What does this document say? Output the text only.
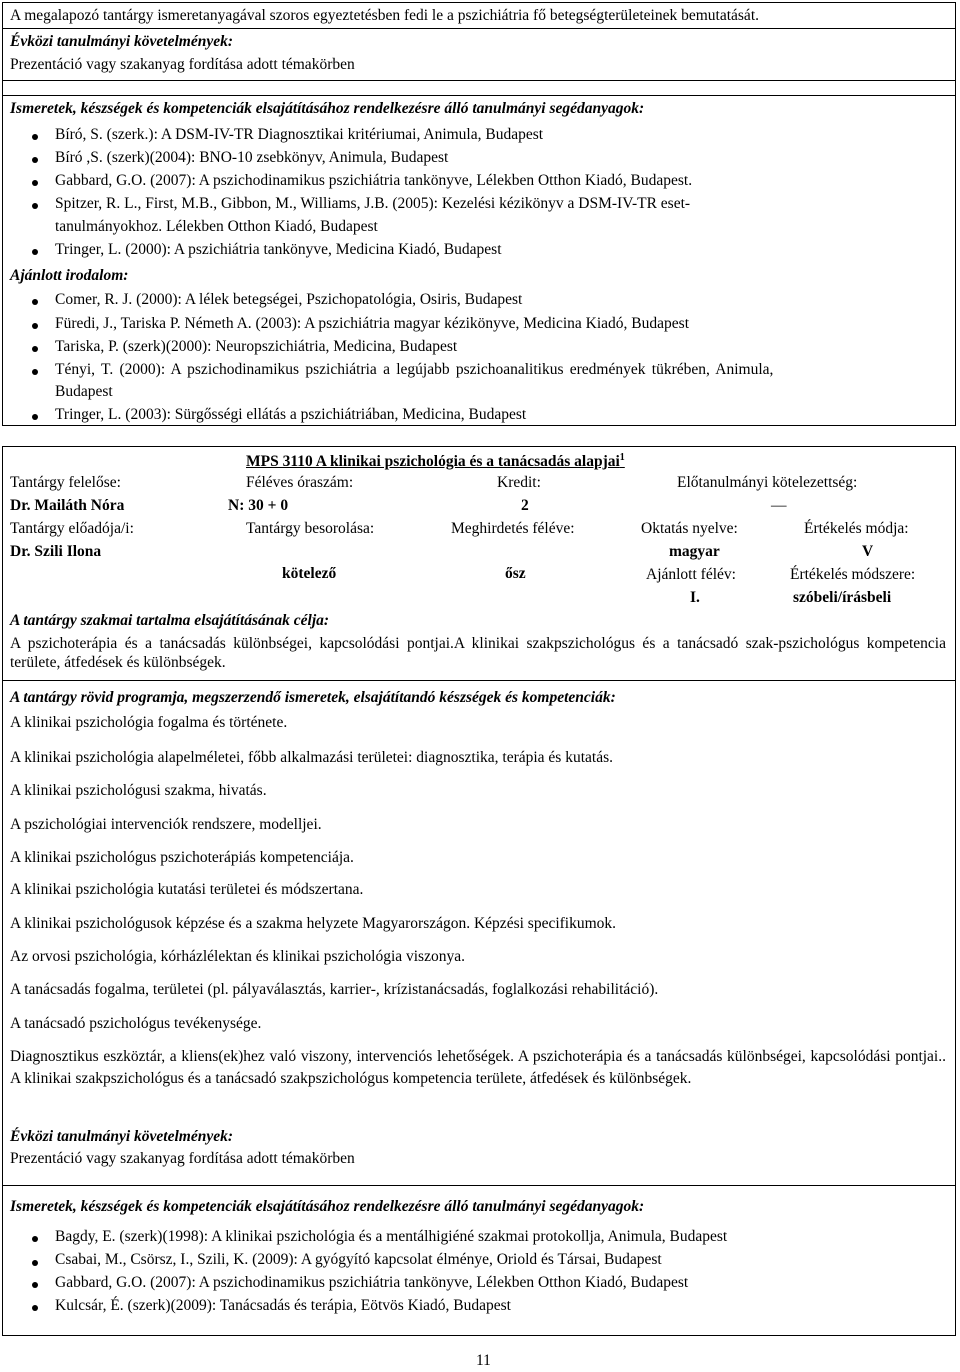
A megalapozó tantárgy ismeretanyagával szoros egyeztetésben fedi le a pszichiátria fő betegségterületeinek bemutatását.
Évközi tanulmányi követelmények:
Prezentáció vagy szakanyag fordítása adott témakörben
Ismeretek, készségek és kompetenciák elsajátításához rendelkezésre álló tanulmányi segédanyagok:
Bíró, S. (szerk.): A DSM-IV-TR Diagnosztikai kritériumai, Animula, Budapest
Bíró ,S. (szerk)(2004): BNO-10 zsebkönyv, Animula, Budapest
Gabbard, G.O. (2007): A pszichodinamikus pszichiátria tankönyve, Lélekben Otthon Kiadó, Budapest.
Spitzer, R. L., First, M.B., Gibbon, M., Williams, J.B. (2005): Kezelési kézikönyv a DSM-IV-TR eset-
tanulmányokhoz. Lélekben Otthon Kiadó, Budapest
Tringer, L. (2000): A pszichiátria tankönyve, Medicina Kiadó, Budapest
Ajánlott irodalom:
Comer, R. J. (2000): A lélek betegségei, Pszichopatológia, Osiris, Budapest
Füredi, J., Tariska P. Németh A. (2003): A pszichiátria magyar kézikönyve, Medicina Kiadó, Budapest
Tariska, P. (szerk)(2000): Neuropszichiátria, Medicina, Budapest
Tényi, T. (2000): A pszichodinamikus pszichiátria a legújabb pszichoanalitikus eredmények tükrében, Animula,
Budapest
Tringer, L. (2003): Sürgősségi ellátás a pszichiátriában, Medicina, Budapest
MPS 3110 A klinikai pszichológia és a tanácsadás alapjai$^1$
Tantárgy felelőse:
Dr. Mailáth Nóra
Féléves óraszám:
N: 30 + 0
Kredit:
2
Előtanulmányi kötelezettség:
—
Tantárgy előadója/i:
Dr. Szili Ilona
Tantárgy besorolása:
kötelező
Meghirdetés féléve:
ősz
Oktatás nyelve:
magyar
Ajánlott félév:
I.
Értékelés módja:
V
Értékelés módszere:
szóbeli/írásbeli
A tantárgy szakmai tartalma elsajátításának célja:
A pszichoterápia és a tanácsadás különbségei, kapcsolódási pontjai.A klinikai szakpszichológus és a tanácsadó szak-pszichológus kompetencia területe, átfedések és különbségek.
A tantárgy rövid programja, megszerzendő ismeretek, elsajátítandó készségek és kompetenciák:
A klinikai pszichológia fogalma és története.
A klinikai pszichológia alapelméletei, főbb alkalmazási területei: diagnosztika, terápia és kutatás.
A klinikai pszichológusi szakma, hivatás.
A pszichológiai intervenciók rendszere, modelljei.
A klinikai pszichológus pszichoterápiás kompetenciája.
A klinikai pszichológia kutatási területei és módszertana.
A klinikai pszichológusok képzése és a szakma helyzete Magyarországon. Képzési specifikumok.
Az orvosi pszichológia, kórházlélektan és klinikai pszichológia viszonya.
A tanácsadás fogalma, területei (pl. pályaválasztás, karrier-, krízistanácsadás, foglalkozási rehabilitáció).
A tanácsadó pszichológus tevékenysége.
Diagnosztikus eszköztár, a kliens(ek)hez való viszony, intervenciós lehetőségek. A pszichoterápia és a tanácsadás különbségei, kapcsolódási pontjai.. A klinikai szakpszichológus és a tanácsadó szakpszichológus kompetencia területe, átfedések és különbségek.
Évközi tanulmányi követelmények:
Prezentáció vagy szakanyag fordítása adott témakörben
Ismeretek, készségek és kompetenciák elsajátításához rendelkezésre álló tanulmányi segédanyagok:
Bagdy, E. (szerk)(1998): A klinikai pszichológia és a mentálhigiéné szakmai protokollja, Animula, Budapest
Csabai, M., Csörsz, I., Szili, K. (2009): A gyógyító kapcsolat élménye, Oriold és Társai, Budapest
Gabbard, G.O. (2007): A pszichodinamikus pszichiátria tankönyve, Lélekben Otthon Kiadó, Budapest
Kulcsár, É. (szerk)(2009): Tanácsadás és terápia, Eötvös Kiadó, Budapest
11
